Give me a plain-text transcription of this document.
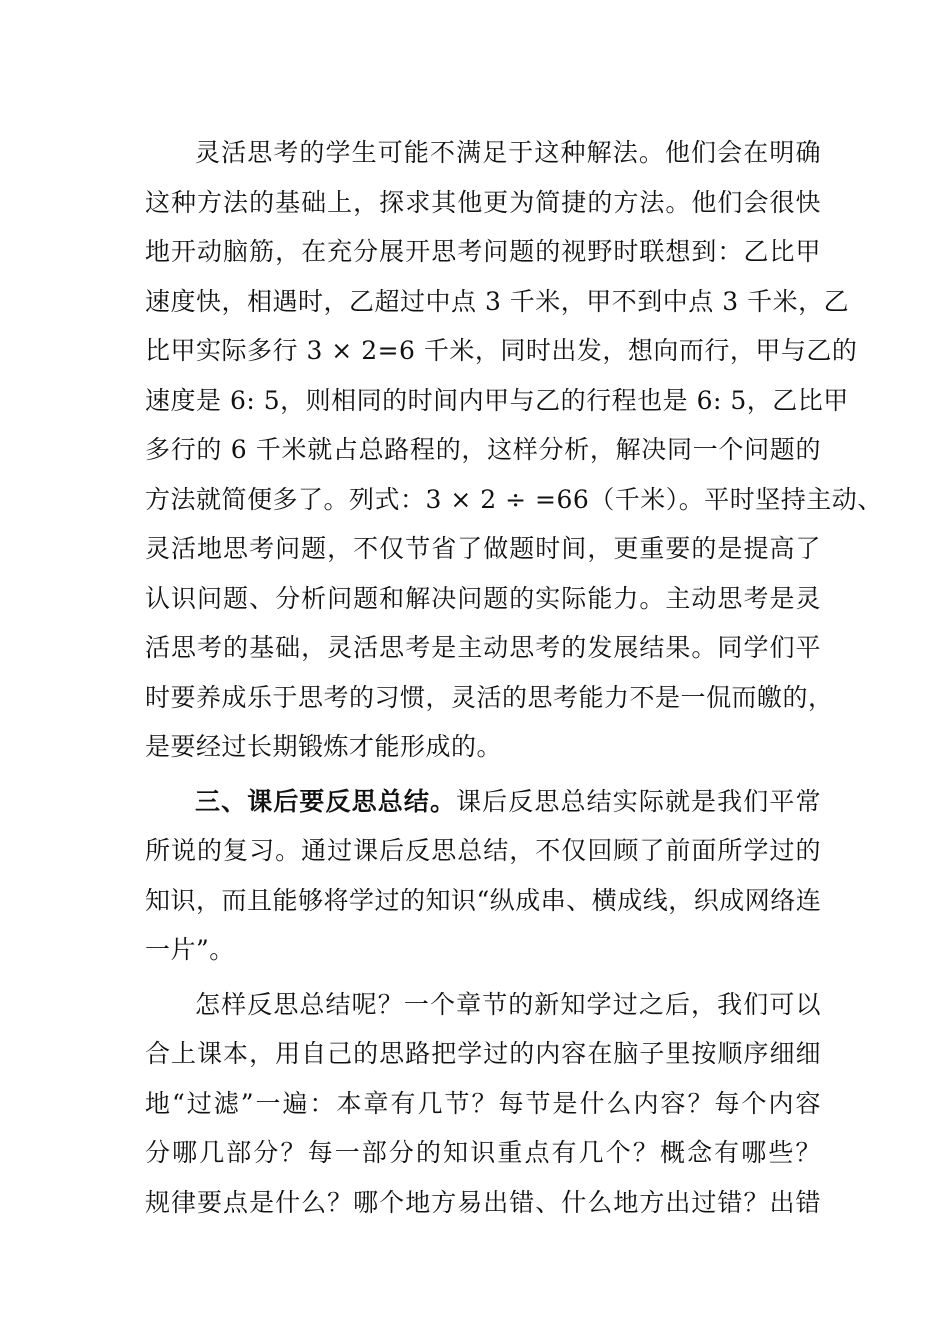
灵活思考的学生可能不满足于这种解法。他们会在明确
这种方法的基础上，探求其他更为简捷的方法。他们会很快
地开动脑筋，在充分展开思考问题的视野时联想到：乙比甲
速度快，相遇时，乙超过中点 3 千米，甲不到中点 3 千米，乙
比甲实际多行 3 × 2=6 千米，同时出发，想向而行，甲与乙的
速度是 6: 5，则相同的时间内甲与乙的行程也是 6: 5，乙比甲
多行的 6 千米就占总路程的，这样分析，解决同一个问题的
方法就简便多了。列式：3 × 2 ÷ =66（千米）。平时坚持主动、
灵活地思考问题，不仅节省了做题时间，更重要的是提高了
认识问题、分析问题和解决问题的实际能力。主动思考是灵
活思考的基础，灵活思考是主动思考的发展结果。同学们平
时要养成乐于思考的习惯，灵活的思考能力不是一侃而皦的，
是要经过长期锻炼才能形成的。
三、课后要反思总结。课后反思总结实际就是我们平常
所说的复习。通过课后反思总结，不仅回顾了前面所学过的
知识，而且能够将学过的知识“纵成串、横成线，织成网络连
一片”。
怎样反思总结呢？一个章节的新知学过之后，我们可以
合上课本，用自己的思路把学过的内容在脑子里按顺序细细
地“过滤”一遍：本章有几节？每节是什么内容？每个内容
分哪几部分？每一部分的知识重点有几个？概念有哪些？
规律要点是什么？哪个地方易出错、什么地方出过错？出错
